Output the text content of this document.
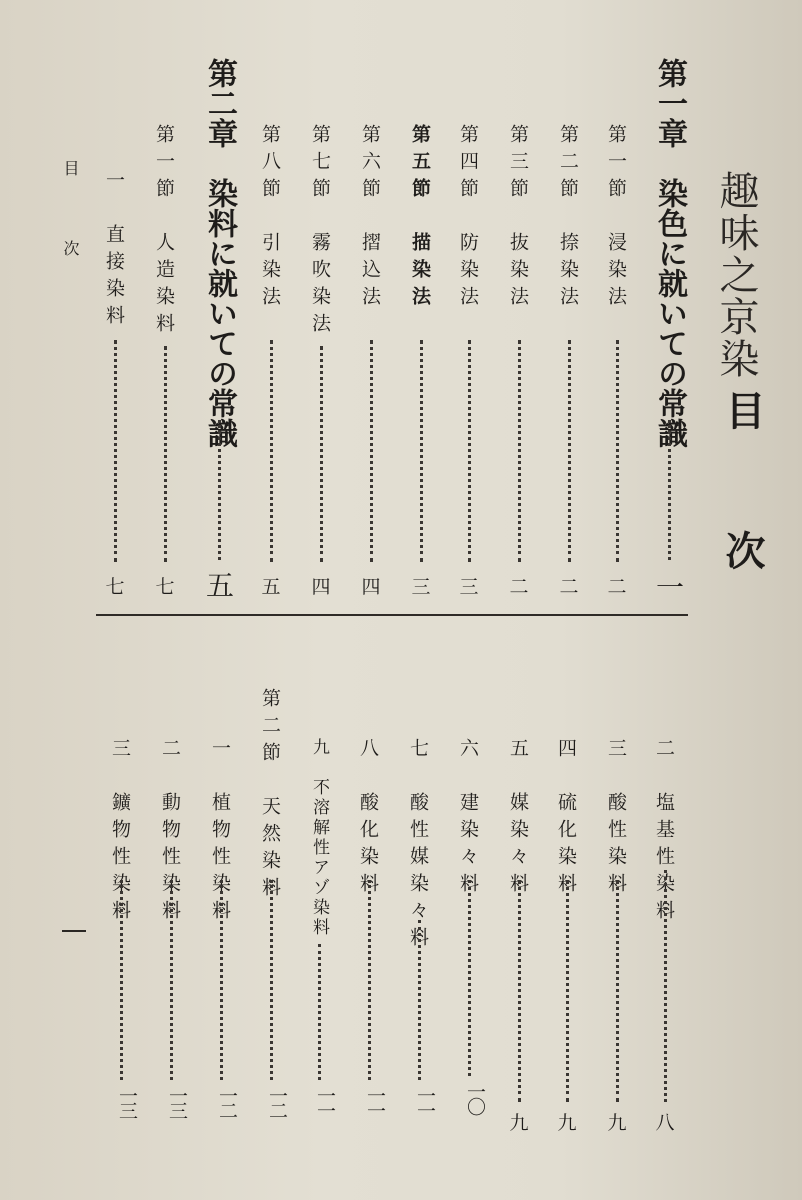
趣味之京染
目
次
第一章　染色に就いての常識
一
第一節　浸染法
二
第二節　捺染法
二
第三節　抜染法
二
第四節　防染法
三
第五節　描染法
三
第六節　摺込法
四
第七節　霧吹染法
四
第八節　引染法
五
第二章　染料に就いての常識
五
第一節　人造染料
七
一　直接染料
七
目
次
二　塩基性染料
八
三　酸性染料
九
四　硫化染料
九
五　媒染々料
九
六　建染々料
一〇
七　酸性媒染々料
一一
八　酸化染料
一一
九　不溶解性アゾ染料
一一
第二節　天然染料
一二
一　植物性染料
一二
二　動物性染料
一三
三　鑛物性染料
一三
